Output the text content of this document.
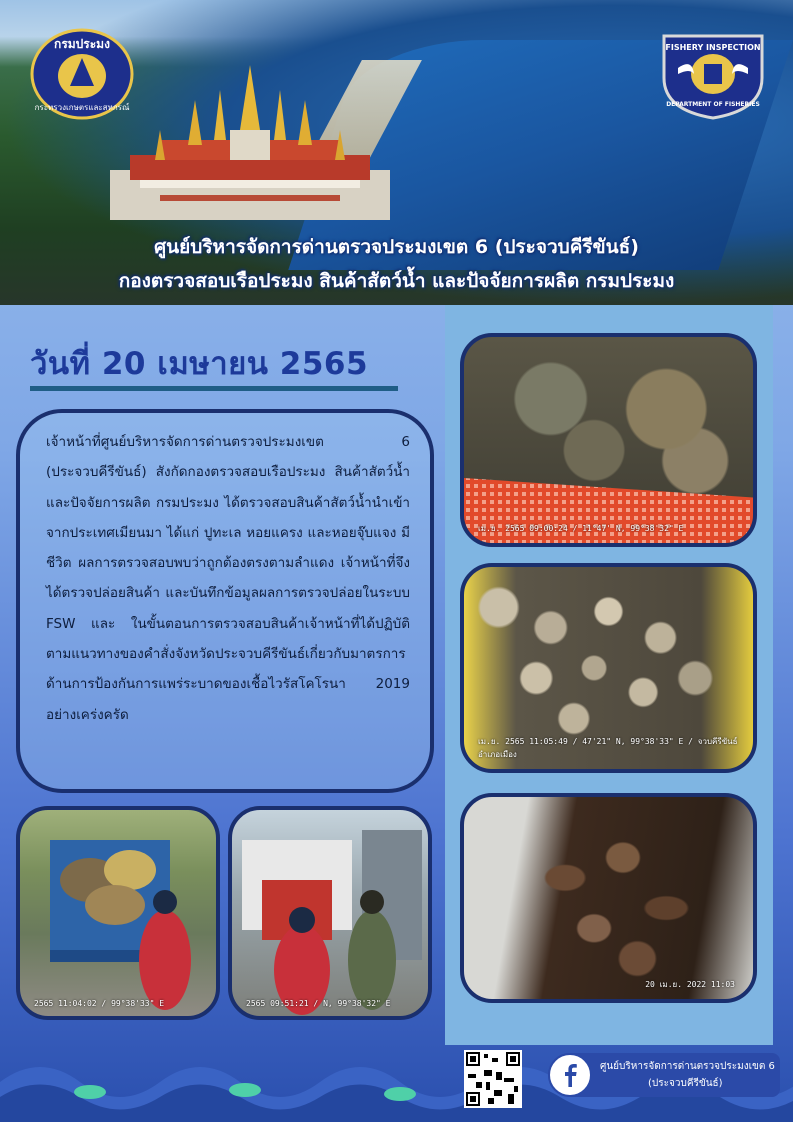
กรมประมง
กระทรวงเกษตรและสหกรณ์
FISHERY INSPECTION
DEPARTMENT OF FISHERIES
ศูนย์บริหารจัดการด่านตรวจประมงเขต 6 (ประจวบคีรีขันธ์)
กองตรวจสอบเรือประมง สินค้าสัตว์น้ำ และปัจจัยการผลิต กรมประมง
วันที่ 20 เมษายน 2565

เจ้าหน้าที่ศูนย์บริหารจัดการด่านตรวจประมงเขต 6 (ประจวบคีรีขันธ์) สังกัดกองตรวจสอบเรือประมง สินค้าสัตว์น้ำ และปัจจัยการผลิต กรมประมง ได้ตรวจสอบสินค้าสัตว์น้ำนำเข้า จากประเทศเมียนมา ได้แก่ ปูทะเล หอยแครง และหอยจุ๊บแจง มีชีวิต ผลการตรวจสอบพบว่าถูกต้องตรงตามลำแดง เจ้าหน้าที่จึงได้ตรวจปล่อยสินค้า และบันทึกข้อมูลผลการตรวจปล่อยในระบบ FSW และ ในขั้นตอนการตรวจสอบสินค้าเจ้าหน้าที่ได้ปฏิบัติตามแนวทางของคำสั่งจังหวัดประจวบคีรีขันธ์เกี่ยวกับมาตรการด้านการป้องกันการแพร่ระบาดของเชื้อไวรัสโคโรนา 2019 อย่างเคร่งครัด

เม.ย. 2565 09:00:24 / 11°47' N, 99°38'32" E
เม.ย. 2565 11:05:49 / 47'21" N, 99°38'33" E / จวบคีรีขันธ์ อำเภอเมือง
20 เม.ย. 2022 11:03
2565 11:04:02 / 99°38'33" E	2565 09:51:21 / N, 99°38'32" E
ศูนย์บริหารจัดการด่านตรวจประมงเขต 6
(ประจวบคีรีขันธ์)
